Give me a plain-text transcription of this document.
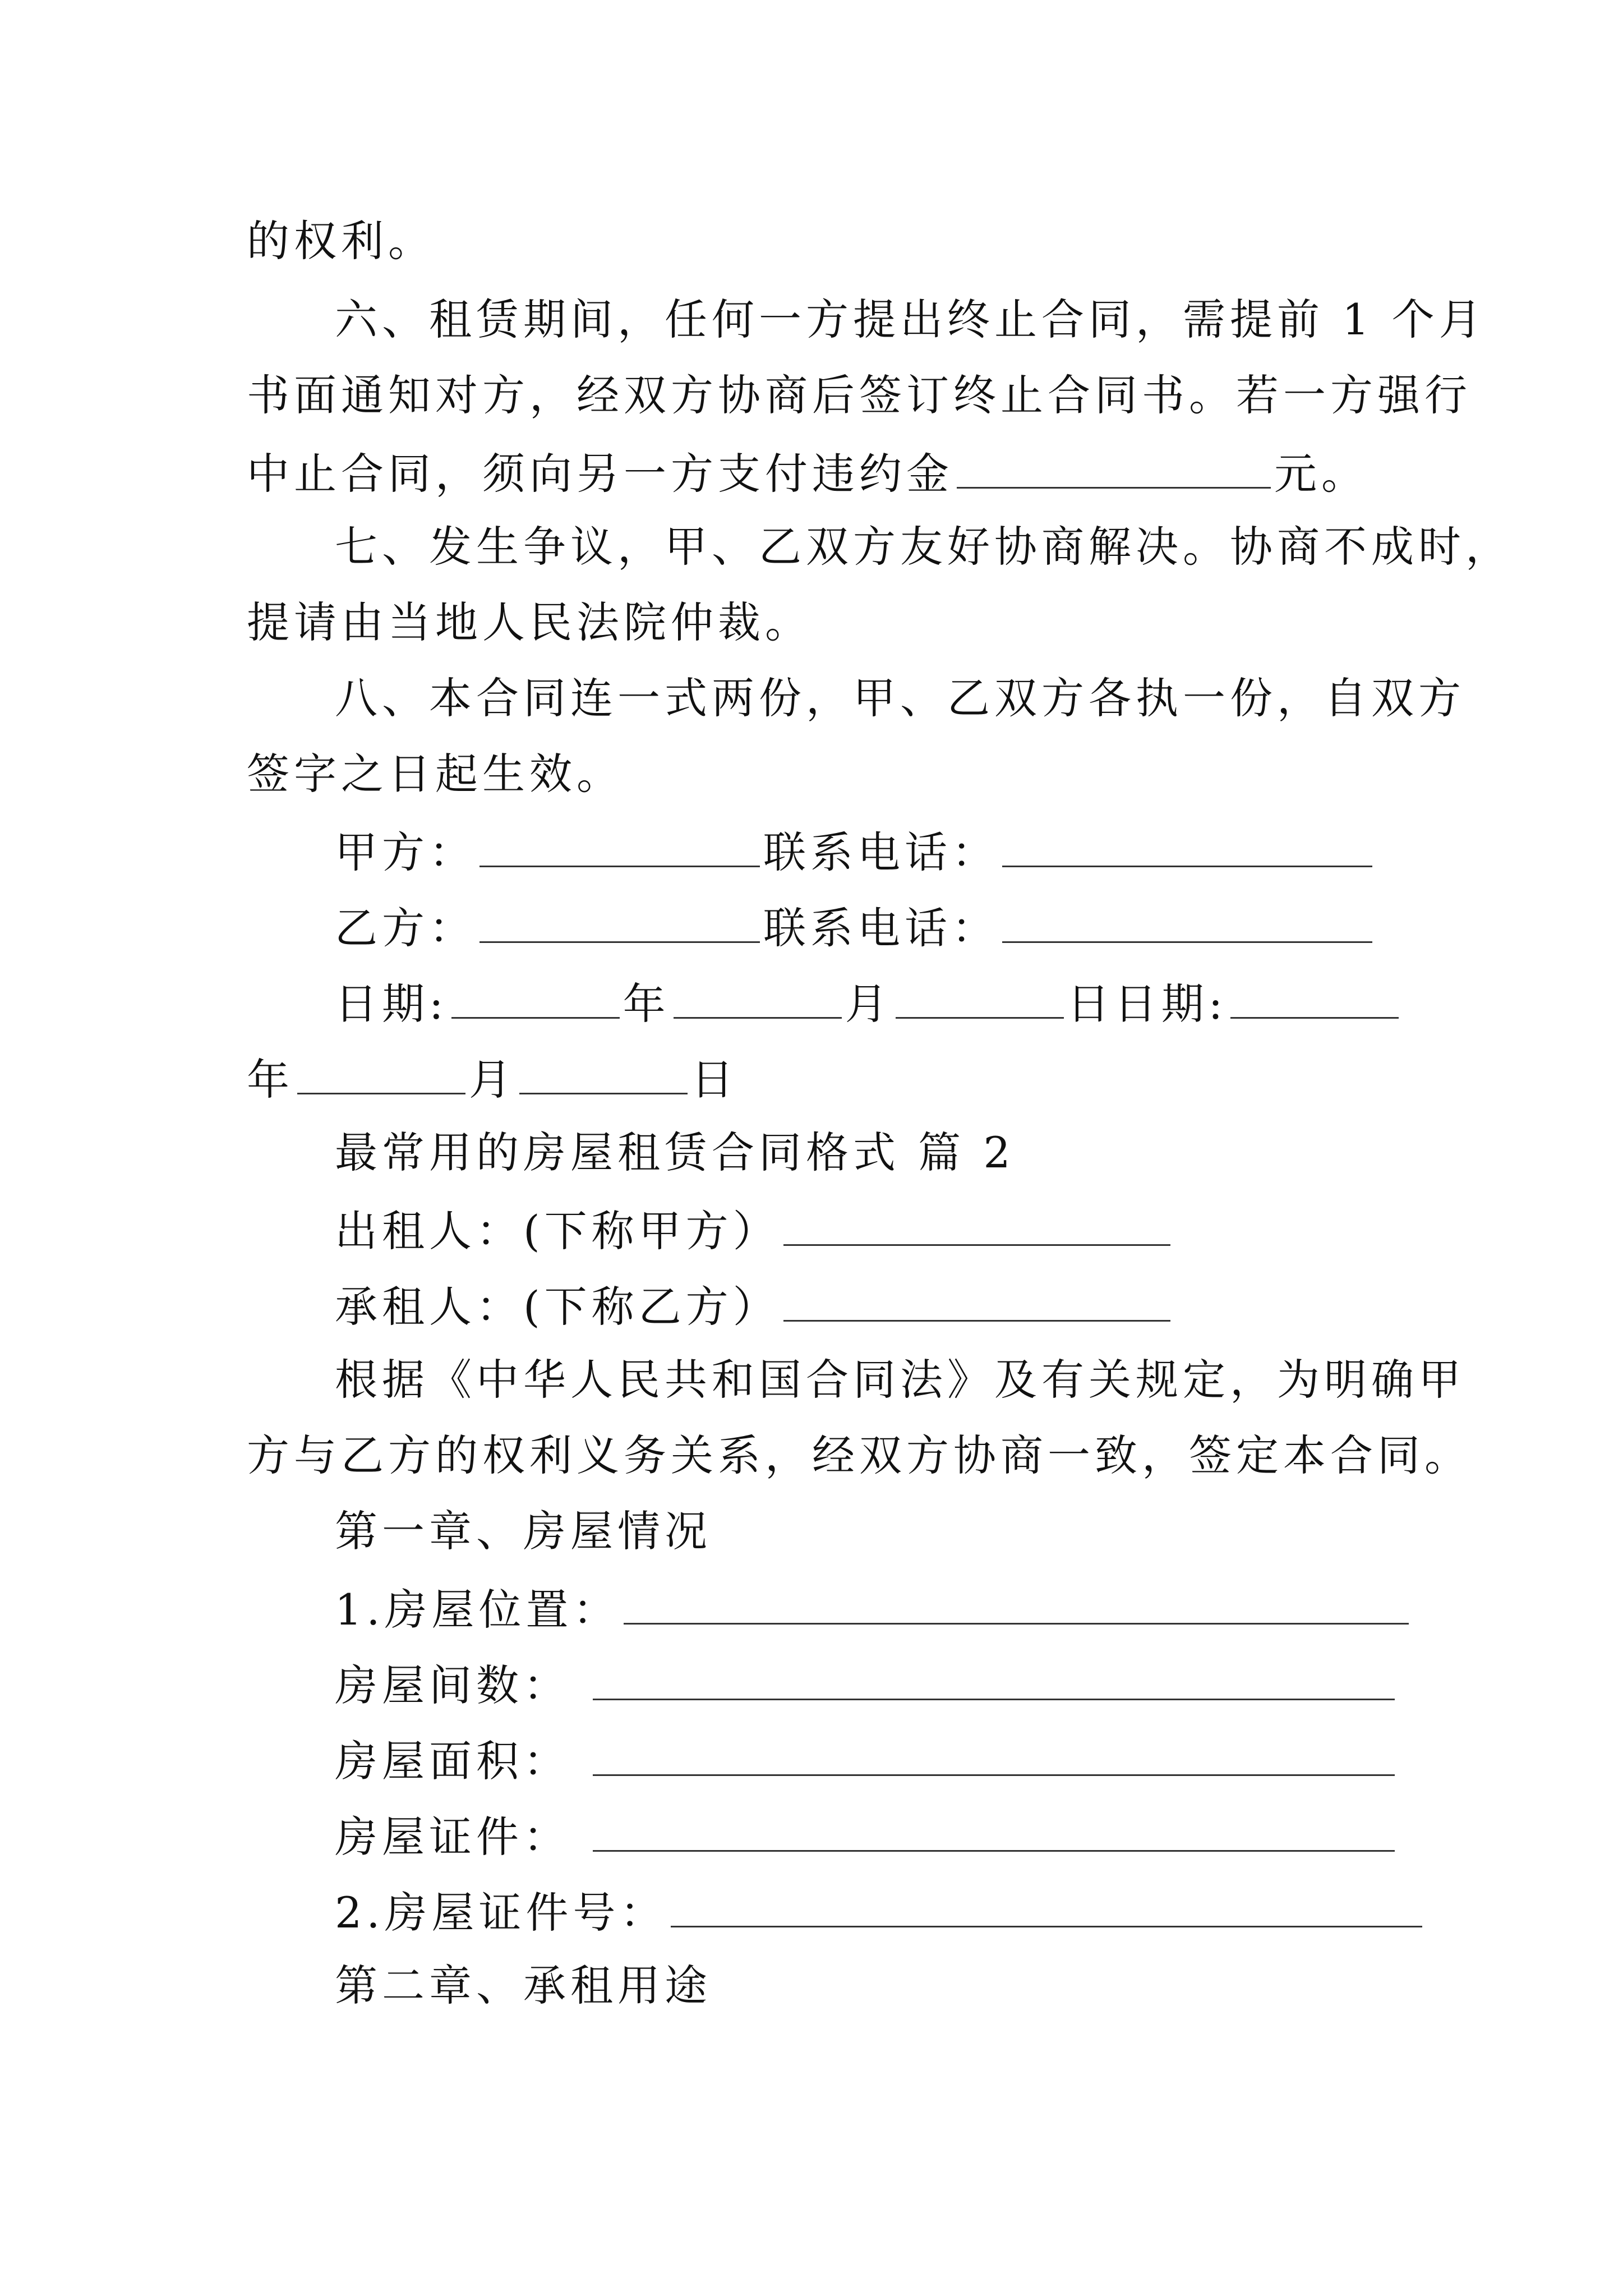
的权利。
六、租赁期间，任何一方提出终止合同，需提前 1 个月
书面通知对方，经双方协商后签订终止合同书。若一方强行
中止合同，须向另一方支付违约金	元。
七、发生争议，甲、乙双方友好协商解决。协商不成时，
提请由当地人民法院仲裁。
八、本合同连一式两份，甲、乙双方各执一份，自双方
签字之日起生效。
甲方：	联系电话：
乙方：	联系电话：
日期:	年	月	日日期:
年	月	日
最常用的房屋租赁合同格式 篇 2
出租人：(下称甲方）
承租人：(下称乙方）
根据《中华人民共和国合同法》及有关规定，为明确甲
方与乙方的权利义务关系，经双方协商一致，签定本合同。
第一章、房屋情况
1.房屋位置：
房屋间数：
房屋面积：
房屋证件：
2.房屋证件号：
第二章、承租用途
